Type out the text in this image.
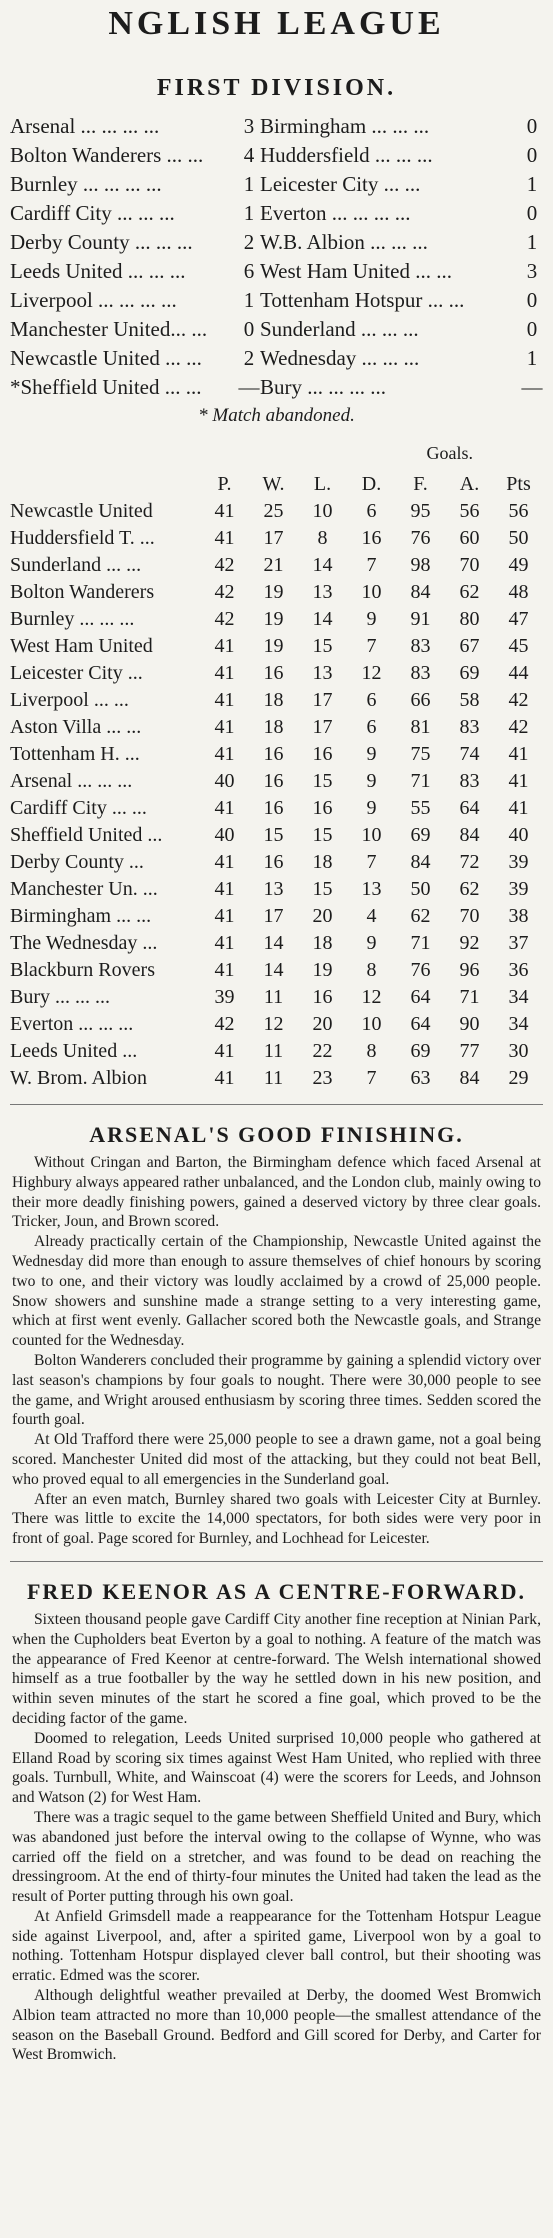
NGLISH LEAGUE
FIRST DIVISION.
Arsenal ... ... ... ...	3 Birmingham ... ... ...	0
Bolton Wanderers ... ...	4 Huddersfield ... ... ...	0
Burnley ... ... ... ...	1 Leicester City ... ...	1
Cardiff City ... ... ...	1 Everton ... ... ... ...	0
Derby County ... ... ...	2 W.B. Albion ... ... ...	1
Leeds United ... ... ...	6 West Ham United ... ...	3
Liverpool ... ... ... ...	1 Tottenham Hotspur ... ...	0
Manchester United... ...	0 Sunderland ... ... ...	0
Newcastle United ... ...	2 Wednesday ... ... ...	1
*Sheffield United ... ...	— Bury ... ... ... ...	—
* Match abandoned.
Goals.
P.	W.	L.	D.	F.	A.	Pts
Newcastle United	41	25	10	6	95	56	56
Huddersfield T. ...	41	17	8	16	76	60	50
Sunderland ... ...	42	21	14	7	98	70	49
Bolton Wanderers	42	19	13	10	84	62	48
Burnley ... ... ...	42	19	14	9	91	80	47
West Ham United	41	19	15	7	83	67	45
Leicester City ...	41	16	13	12	83	69	44
Liverpool ... ...	41	18	17	6	66	58	42
Aston Villa ... ...	41	18	17	6	81	83	42
Tottenham H. ...	41	16	16	9	75	74	41
Arsenal ... ... ...	40	16	15	9	71	83	41
Cardiff City ... ...	41	16	16	9	55	64	41
Sheffield United ...	40	15	15	10	69	84	40
Derby County ...	41	16	18	7	84	72	39
Manchester Un. ...	41	13	15	13	50	62	39
Birmingham ... ...	41	17	20	4	62	70	38
The Wednesday ...	41	14	18	9	71	92	37
Blackburn Rovers	41	14	19	8	76	96	36
Bury ... ... ...	39	11	16	12	64	71	34
Everton ... ... ...	42	12	20	10	64	90	34
Leeds United ...	41	11	22	8	69	77	30
W. Brom. Albion	41	11	23	7	63	84	29
ARSENAL'S GOOD FINISHING.

Without Cringan and Barton, the Birmingham defence which faced Arsenal at Highbury always appeared rather unbalanced, and the London club, mainly owing to their more deadly finishing powers, gained a deserved victory by three clear goals. Tricker, Joun, and Brown scored.

Already practically certain of the Championship, Newcastle United against the Wednesday did more than enough to assure themselves of chief honours by scoring two to one, and their victory was loudly acclaimed by a crowd of 25,000 people. Snow showers and sunshine made a strange setting to a very interesting game, which at first went evenly. Gallacher scored both the Newcastle goals, and Strange counted for the Wednesday.

Bolton Wanderers concluded their programme by gaining a splendid victory over last season's champions by four goals to nought. There were 30,000 people to see the game, and Wright aroused enthusiasm by scoring three times. Sedden scored the fourth goal.

At Old Trafford there were 25,000 people to see a drawn game, not a goal being scored. Manchester United did most of the attacking, but they could not beat Bell, who proved equal to all emergencies in the Sunderland goal.

After an even match, Burnley shared two goals with Leicester City at Burnley. There was little to excite the 14,000 spectators, for both sides were very poor in front of goal. Page scored for Burnley, and Lochhead for Leicester.

FRED KEENOR AS A CENTRE-FORWARD.

Sixteen thousand people gave Cardiff City another fine reception at Ninian Park, when the Cupholders beat Everton by a goal to nothing. A feature of the match was the appearance of Fred Keenor at centre-forward. The Welsh international showed himself as a true footballer by the way he settled down in his new position, and within seven minutes of the start he scored a fine goal, which proved to be the deciding factor of the game.

Doomed to relegation, Leeds United surprised 10,000 people who gathered at Elland Road by scoring six times against West Ham United, who replied with three goals. Turnbull, White, and Wainscoat (4) were the scorers for Leeds, and Johnson and Watson (2) for West Ham.

There was a tragic sequel to the game between Sheffield United and Bury, which was abandoned just before the interval owing to the collapse of Wynne, who was carried off the field on a stretcher, and was found to be dead on reaching the dressingroom. At the end of thirty-four minutes the United had taken the lead as the result of Porter putting through his own goal.

At Anfield Grimsdell made a reappearance for the Tottenham Hotspur League side against Liverpool, and, after a spirited game, Liverpool won by a goal to nothing. Tottenham Hotspur displayed clever ball control, but their shooting was erratic. Edmed was the scorer.

Although delightful weather prevailed at Derby, the doomed West Bromwich Albion team attracted no more than 10,000 people—the smallest attendance of the season on the Baseball Ground. Bedford and Gill scored for Derby, and Carter for West Bromwich.
